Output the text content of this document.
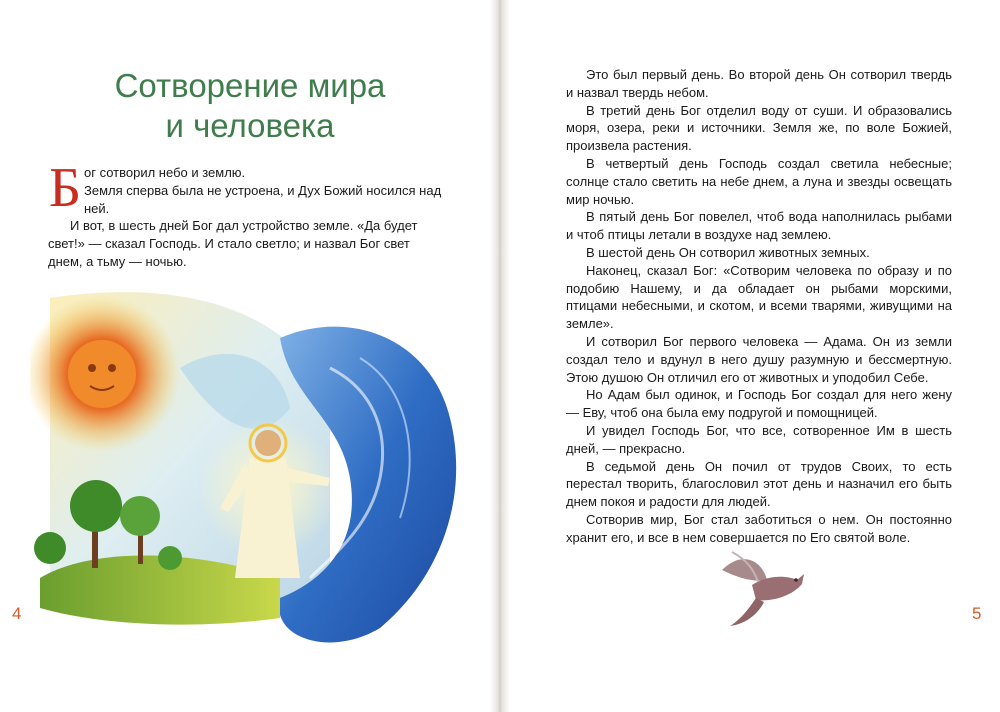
Сотворение мира
и человека
Б ог сотворил небо и землю.
Земля сперва была не устроена, и Дух Божий носился над ней.
И вот, в шесть дней Бог дал устройство земле. «Да будет свет!» — сказал Господь. И стало светло; и назвал Бог свет днем, а тьму — ночью.
4

Это был первый день. Во второй день Он сотворил твердь и назвал твердь небом.

В третий день Бог отделил воду от суши. И образовались моря, озера, реки и источники. Земля же, по воле Божией, произвела растения.

В четвертый день Господь создал светила небесные; солнце стало светить на небе днем, а луна и звезды освещать мир ночью.

В пятый день Бог повелел, чтоб вода наполнилась рыбами и чтоб птицы летали в воздухе над землею.

В шестой день Он сотворил животных земных.

Наконец, сказал Бог: «Сотворим человека по образу и по подобию Нашему, и да обладает он рыбами морскими, птицами небесными, и скотом, и всеми тварями, живущими на земле».

И сотворил Бог первого человека — Адама. Он из земли создал тело и вдунул в него душу разумную и бессмертную. Этою душою Он отличил его от животных и уподобил Себе.

Но Адам был одинок, и Господь Бог создал для него жену — Еву, чтоб она была ему подругой и помощницей.

И увидел Господь Бог, что все, сотворенное Им в шесть дней, — прекрасно.

В седьмой день Он почил от трудов Своих, то есть перестал творить, благословил этот день и назначил его быть днем покоя и радости для людей.

Сотворив мир, Бог стал заботиться о нем. Он постоянно хранит его, и все в нем совершается по Его святой воле.

5
